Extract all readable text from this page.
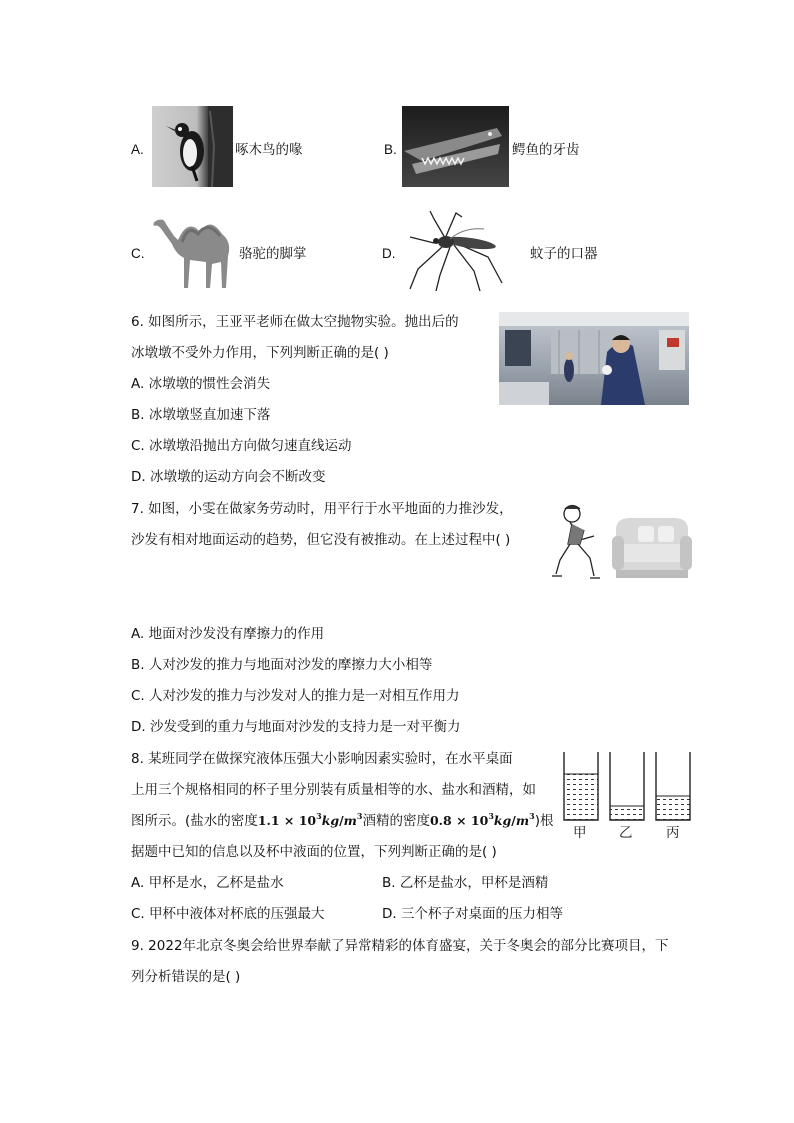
A.	啄木鸟的喙	B.	鳄鱼的牙齿
C.	骆驼的脚掌	D.	蚊子的口器
6. 如图所示，王亚平老师在做太空抛物实验。抛出后的
冰墩墩不受外力作用，下列判断正确的是( )
A. 冰墩墩的惯性会消失
B. 冰墩墩竖直加速下落
C. 冰墩墩沿抛出方向做匀速直线运动
D. 冰墩墩的运动方向会不断改变
7. 如图，小雯在做家务劳动时，用平行于水平地面的力推沙发，
沙发有相对地面运动的趋势，但它没有被推动。在上述过程中( )
A. 地面对沙发没有摩擦力的作用
B. 人对沙发的推力与地面对沙发的摩擦力大小相等
C. 人对沙发的推力与沙发对人的推力是一对相互作用力
D. 沙发受到的重力与地面对沙发的支持力是一对平衡力
8. 某班同学在做探究液体压强大小影响因素实验时，在水平桌面
上用三个规格相同的杯子里分别装有质量相等的水、盐水和酒精，如
图所示。(盐水的密度$1.1 \times 10^3kg/m^3$酒精的密度$0.8 \times 10^3kg/m^3$)根
据题中已知的信息以及杯中液面的位置，下列判断正确的是( )
甲 乙 丙
A. 甲杯是水，乙杯是盐水	B. 乙杯是盐水，甲杯是酒精
C. 甲杯中液体对杯底的压强最大	D. 三个杯子对桌面的压力相等
9. 2022年北京冬奥会给世界奉献了异常精彩的体育盛宴，关于冬奥会的部分比赛项目，下
列分析错误的是( )
